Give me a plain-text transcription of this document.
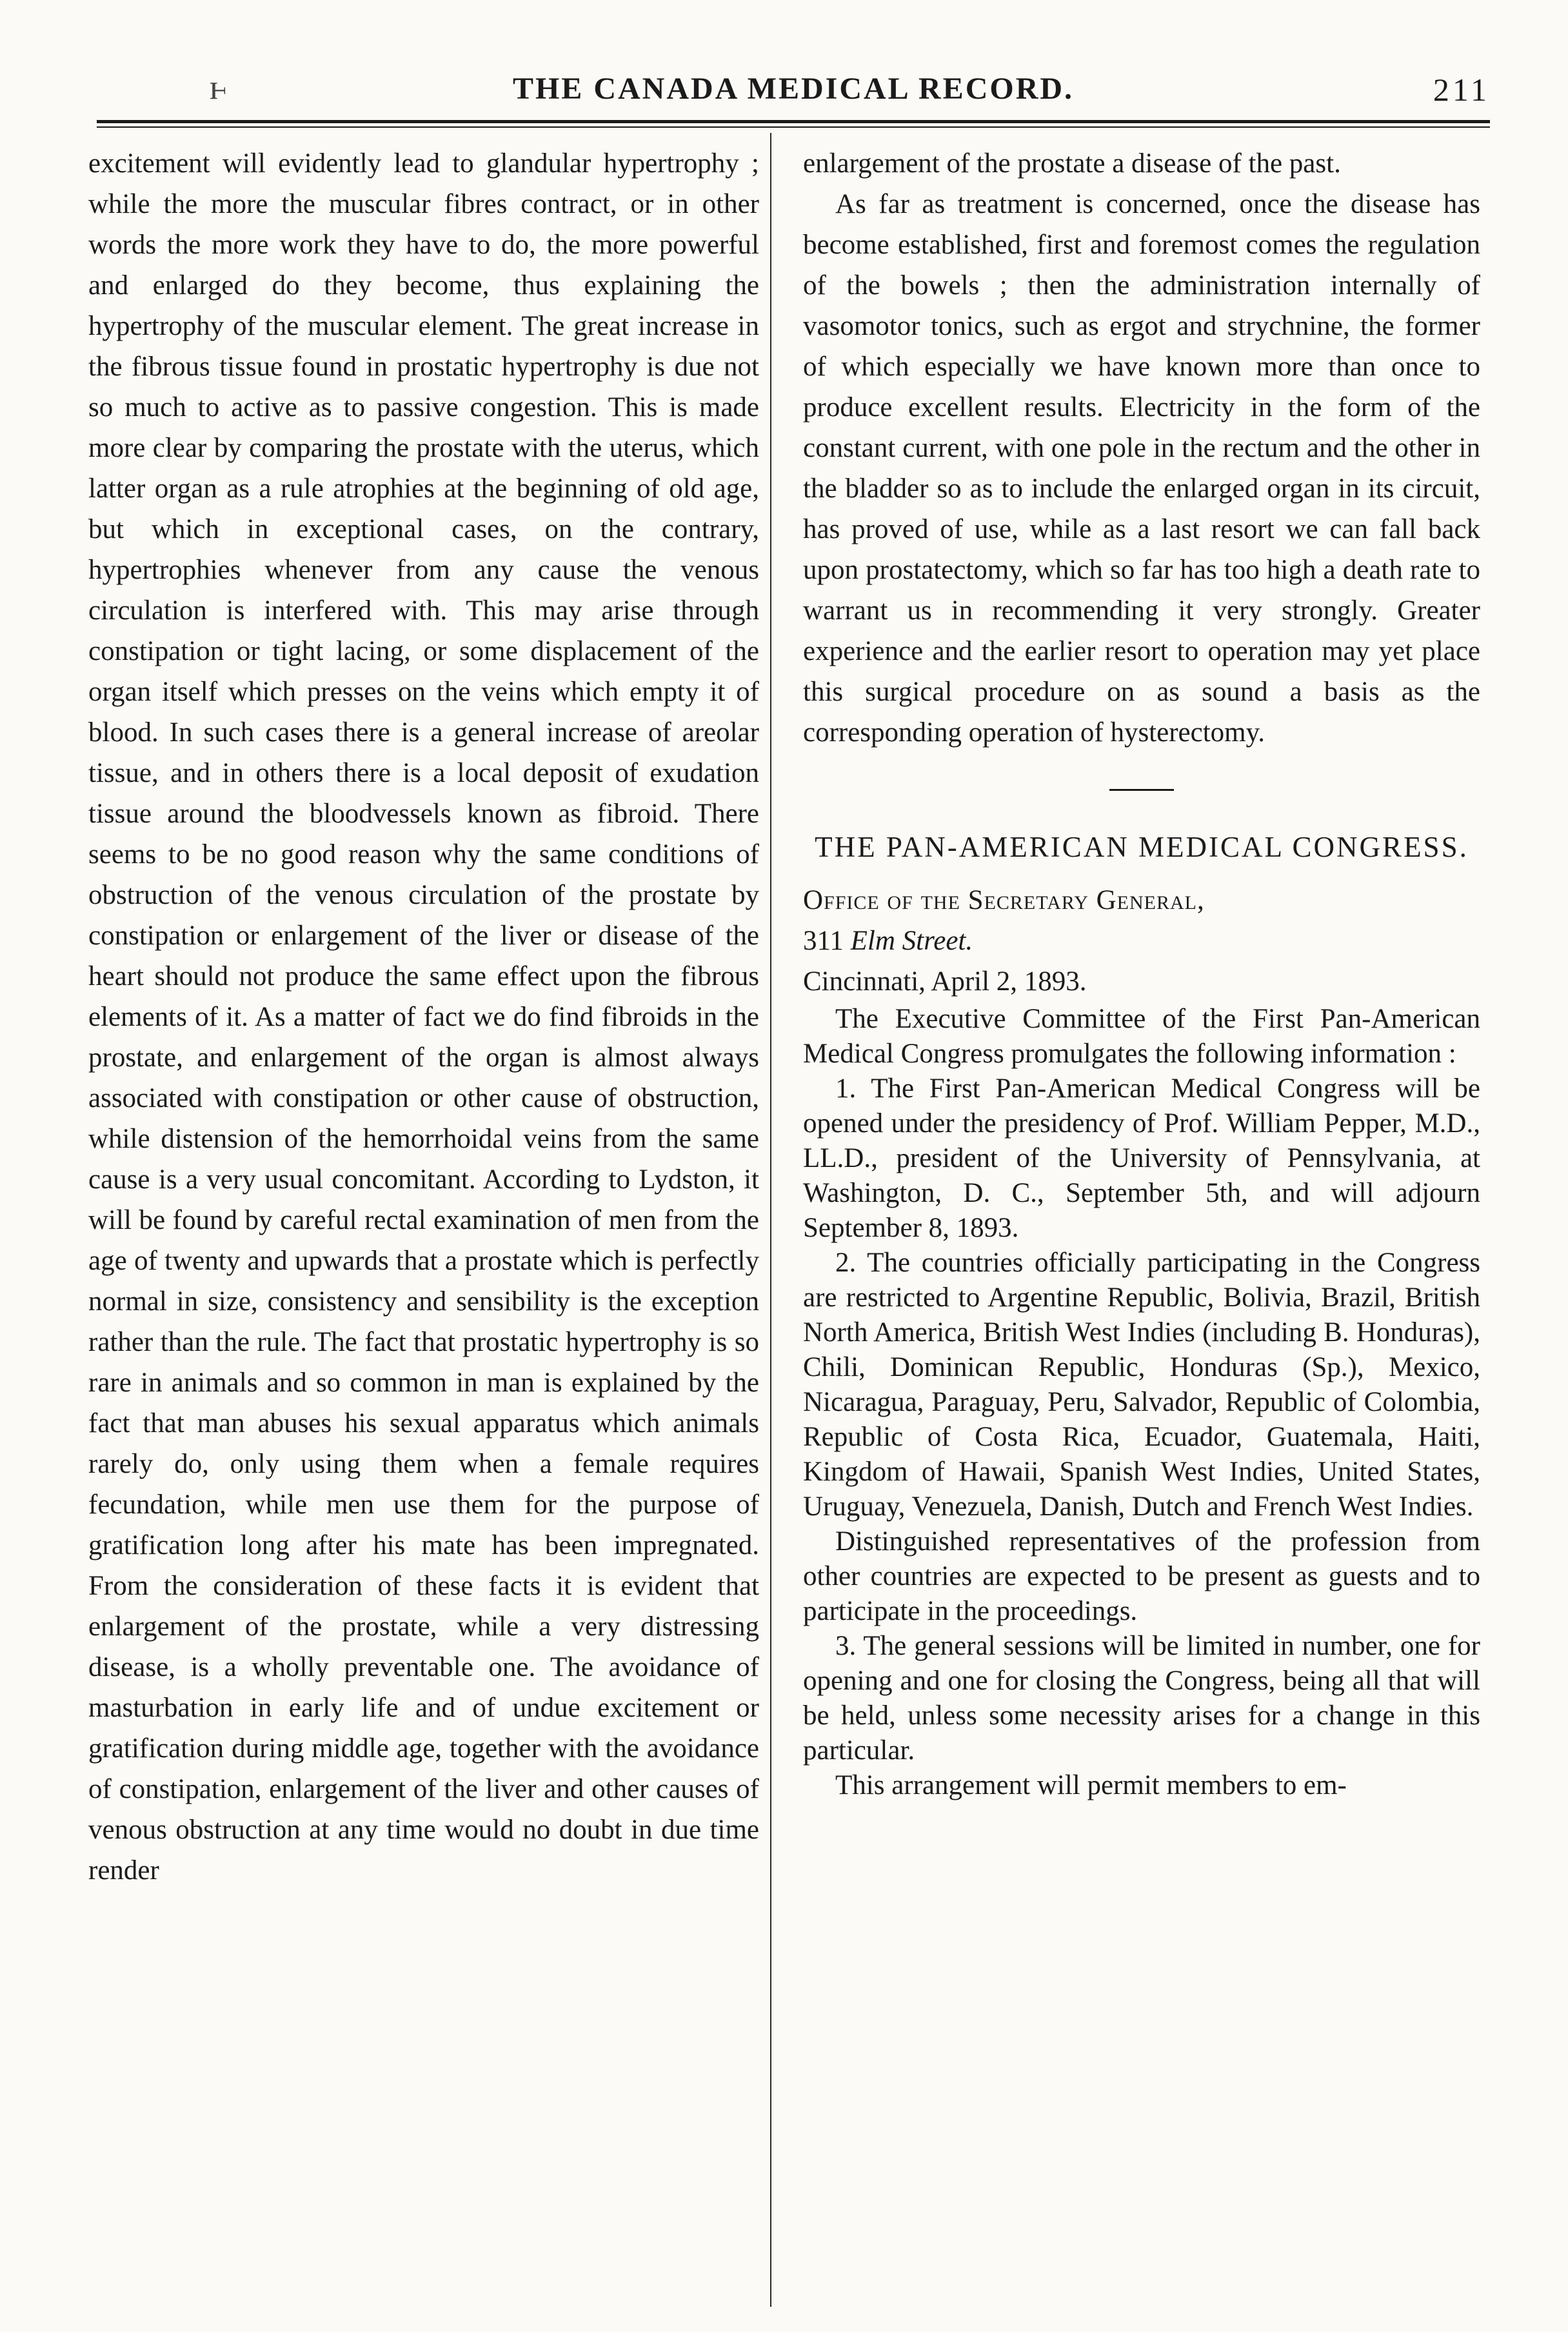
ⱶ	THE CANADA MEDICAL RECORD.	211

excitement will evidently lead to glandular hypertrophy ; while the more the muscular fibres contract, or in other words the more work they have to do, the more powerful and enlarged do they become, thus explaining the hypertrophy of the muscular element. The great increase in the fibrous tissue found in prostatic hypertrophy is due not so much to active as to passive congestion. This is made more clear by comparing the prostate with the uterus, which latter organ as a rule atrophies at the beginning of old age, but which in exceptional cases, on the contrary, hypertrophies whenever from any cause the venous circulation is interfered with. This may arise through constipation or tight lacing, or some displacement of the organ itself which presses on the veins which empty it of blood. In such cases there is a general increase of areolar tissue, and in others there is a local deposit of exudation tissue around the bloodvessels known as fibroid. There seems to be no good reason why the same conditions of obstruction of the venous circulation of the prostate by constipation or enlargement of the liver or disease of the heart should not produce the same effect upon the fibrous elements of it. As a matter of fact we do find fibroids in the prostate, and enlargement of the organ is almost always associated with constipation or other cause of obstruction, while distension of the hemorrhoidal veins from the same cause is a very usual concomitant. According to Lydston, it will be found by careful rectal examination of men from the age of twenty and upwards that a prostate which is perfectly normal in size, consistency and sensibility is the exception rather than the rule. The fact that prostatic hypertrophy is so rare in animals and so common in man is explained by the fact that man abuses his sexual apparatus which animals rarely do, only using them when a female requires fecundation, while men use them for the purpose of gratification long after his mate has been impregnated. From the consideration of these facts it is evident that enlargement of the prostate, while a very distressing disease, is a wholly preventable one. The avoidance of masturbation in early life and of undue excitement or gratification during middle age, together with the avoidance of constipation, enlargement of the liver and other causes of venous obstruction at any time would no doubt in due time render

enlargement of the prostate a disease of the past.

As far as treatment is concerned, once the disease has become established, first and foremost comes the regulation of the bowels ; then the administration internally of vasomotor tonics, such as ergot and strychnine, the former of which especially we have known more than once to produce excellent results. Electricity in the form of the constant current, with one pole in the rectum and the other in the bladder so as to include the enlarged organ in its circuit, has proved of use, while as a last resort we can fall back upon prostatectomy, which so far has too high a death rate to warrant us in recommending it very strongly. Greater experience and the earlier resort to operation may yet place this surgical procedure on as sound a basis as the corresponding operation of hysterectomy.

THE PAN-AMERICAN MEDICAL CONGRESS.

Office of the Secretary General,

311 Elm Street.

Cincinnati, April 2, 1893.

The Executive Committee of the First Pan-American Medical Congress promulgates the following information :

1. The First Pan-American Medical Congress will be opened under the presidency of Prof. William Pepper, M.D., LL.D., president of the University of Pennsylvania, at Washington, D. C., September 5th, and will adjourn September 8, 1893.

2. The countries officially participating in the Congress are restricted to Argentine Republic, Bolivia, Brazil, British North America, British West Indies (including B. Honduras), Chili, Dominican Republic, Honduras (Sp.), Mexico, Nicaragua, Paraguay, Peru, Salvador, Republic of Colombia, Republic of Costa Rica, Ecuador, Guatemala, Haiti, Kingdom of Hawaii, Spanish West Indies, United States, Uruguay, Venezuela, Danish, Dutch and French West Indies.

Distinguished representatives of the profession from other countries are expected to be present as guests and to participate in the proceedings.

3. The general sessions will be limited in number, one for opening and one for closing the Congress, being all that will be held, unless some necessity arises for a change in this particular.

This arrangement will permit members to em-
